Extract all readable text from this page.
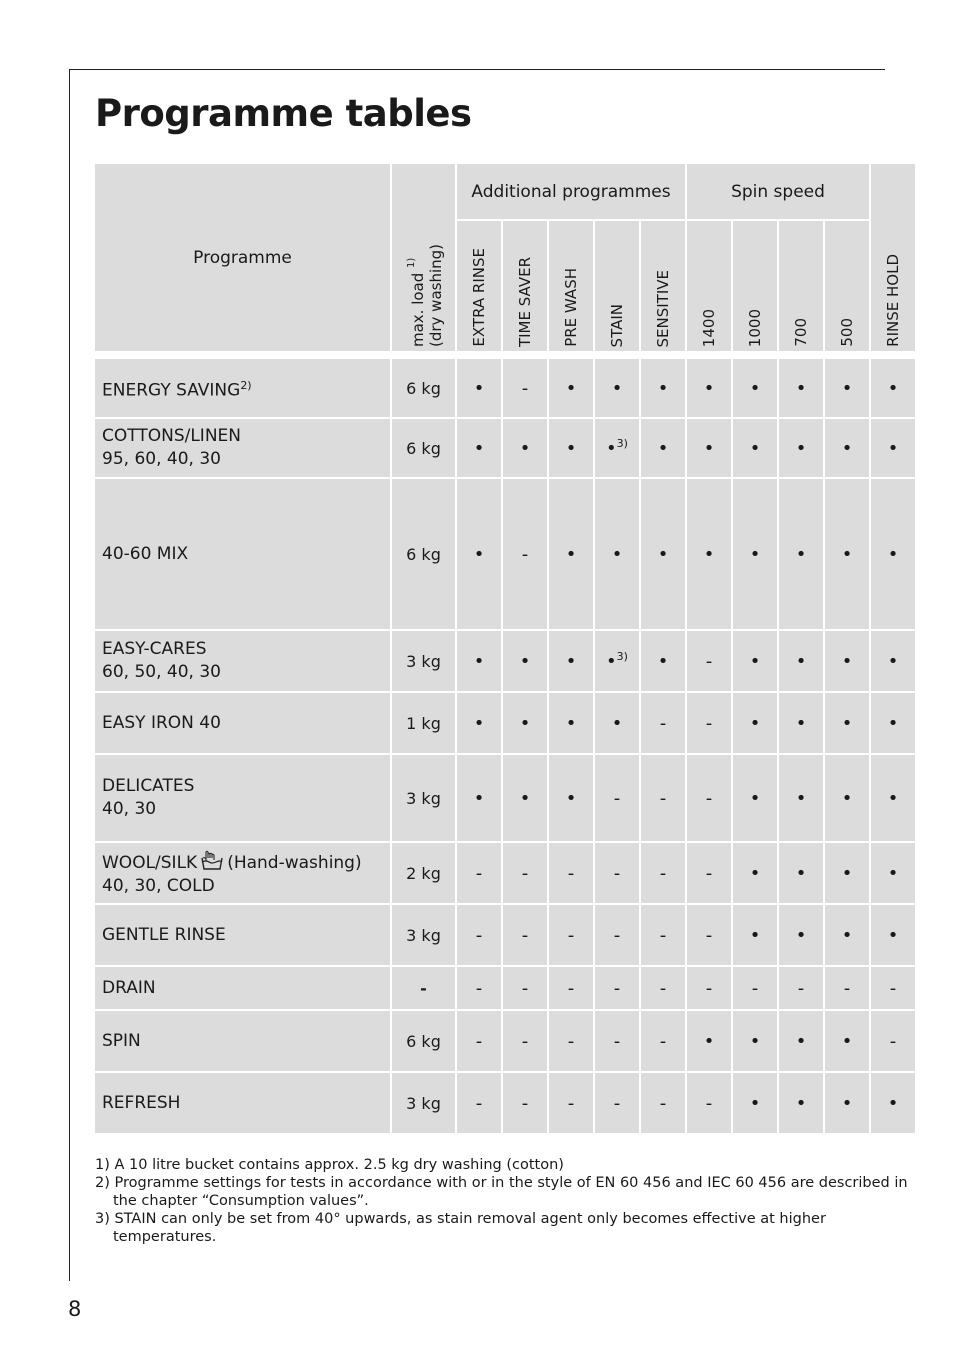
Programme tables
Programme	max. load $^{1)}$ (dry washing)	Additional programmes					Spin speed				RINSE HOLD
		EXTRA RINSE	TIME SAVER	PRE WASH	STAIN	SENSITIVE	1400	1000	700	500	

ENERGY SAVING$^{2)}$	6 kg	•	-	•	•	•	•	•	•	•	•

COTTONS/LINEN
95, 60, 40, 30	6 kg	•	•	•	•$^{3)}$	•	•	•	•	•	•

40-60 MIX	6 kg	•	-	•	•	•	•	•	•	•	•

EASY-CARES
60, 50, 40, 30	3 kg	•	•	•	•$^{3)}$	•	-	•	•	•	•

EASY IRON 40	1 kg	•	•	•	•	-	-	•	•	•	•

DELICATES
40, 30	3 kg	•	•	•	-	-	-	•	•	•	•

WOOL/SILK (Hand-washing)
40, 30, COLD	2 kg	-	-	-	-	-	-	•	•	•	•

GENTLE RINSE	3 kg	-	-	-	-	-	-	•	•	•	•

DRAIN	-	-	-	-	-	-	-	-	-	-	-

SPIN	6 kg	-	-	-	-	-	•	•	•	•	-

REFRESH	3 kg	-	-	-	-	-	-	•	•	•	•
1) A 10 litre bucket contains approx. 2.5 kg dry washing (cotton)
2) Programme settings for tests in accordance with or in the style of EN 60 456 and IEC 60 456 are described in the chapter “Consumption values”.
3) STAIN can only be set from 40° upwards, as stain removal agent only becomes effective at higher temperatures.
8
